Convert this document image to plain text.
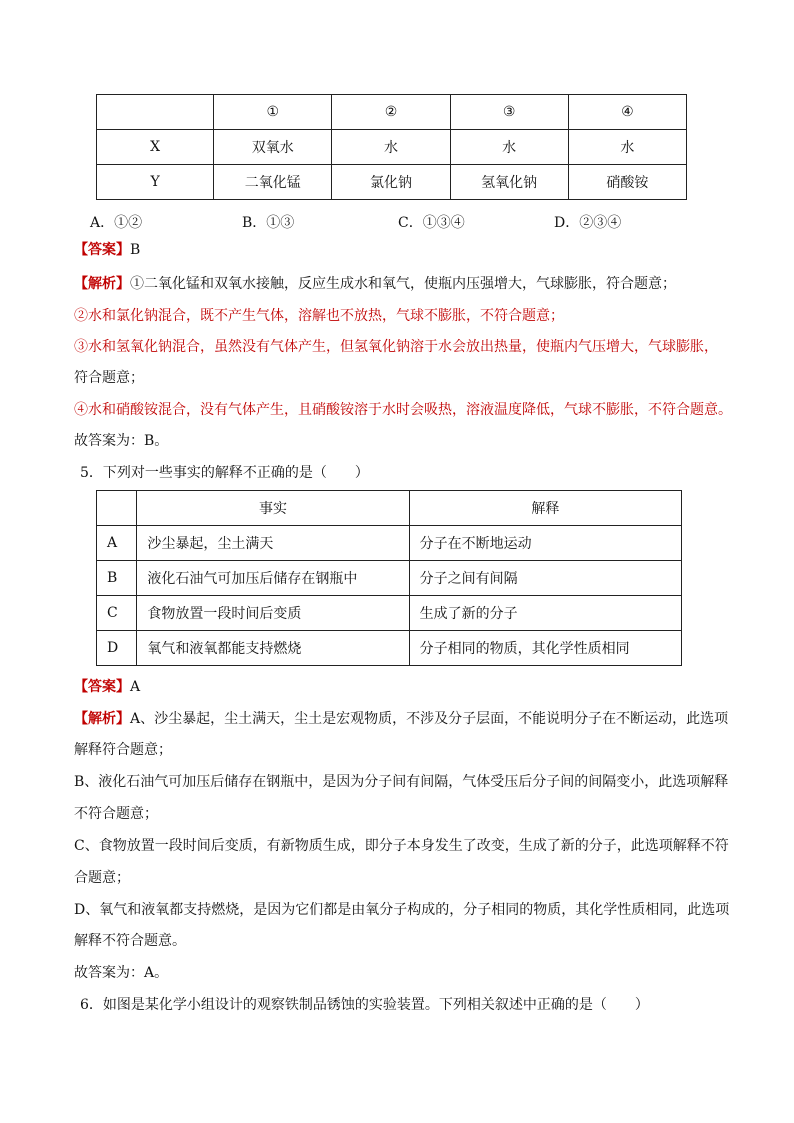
	①	②	③	④
X	双氧水	水	水	水
Y	二氧化锰	氯化钠	氢氧化钠	硝酸铵
A．①②	B．①③	C．①③④	D．②③④
【答案】B
【解析】①二氧化锰和双氧水接触，反应生成水和氧气，使瓶内压强增大，气球膨胀，符合题意；
②水和氯化钠混合，既不产生气体，溶解也不放热，气球不膨胀，不符合题意；
③水和氢氧化钠混合，虽然没有气体产生，但氢氧化钠溶于水会放出热量，使瓶内气压增大，气球膨胀，
符合题意；
④水和硝酸铵混合，没有气体产生，且硝酸铵溶于水时会吸热，溶液温度降低，气球不膨胀，不符合题意。
故答案为：B。
5．下列对一些事实的解释不正确的是（　　）
	事实	解释
A	沙尘暴起，尘土满天	分子在不断地运动
B	液化石油气可加压后储存在钢瓶中	分子之间有间隔
C	食物放置一段时间后变质	生成了新的分子
D	氧气和液氧都能支持燃烧	分子相同的物质，其化学性质相同
【答案】A
【解析】A、沙尘暴起，尘土满天，尘土是宏观物质，不涉及分子层面，不能说明分子在不断运动，此选项
解释符合题意；
B、液化石油气可加压后储存在钢瓶中，是因为分子间有间隔，气体受压后分子间的间隔变小，此选项解释
不符合题意；
C、食物放置一段时间后变质，有新物质生成，即分子本身发生了改变，生成了新的分子，此选项解释不符
合题意；
D、氧气和液氧都支持燃烧，是因为它们都是由氧分子构成的，分子相同的物质，其化学性质相同，此选项
解释不符合题意。
故答案为：A。
6．如图是某化学小组设计的观察铁制品锈蚀的实验装置。下列相关叙述中正确的是（　　）
